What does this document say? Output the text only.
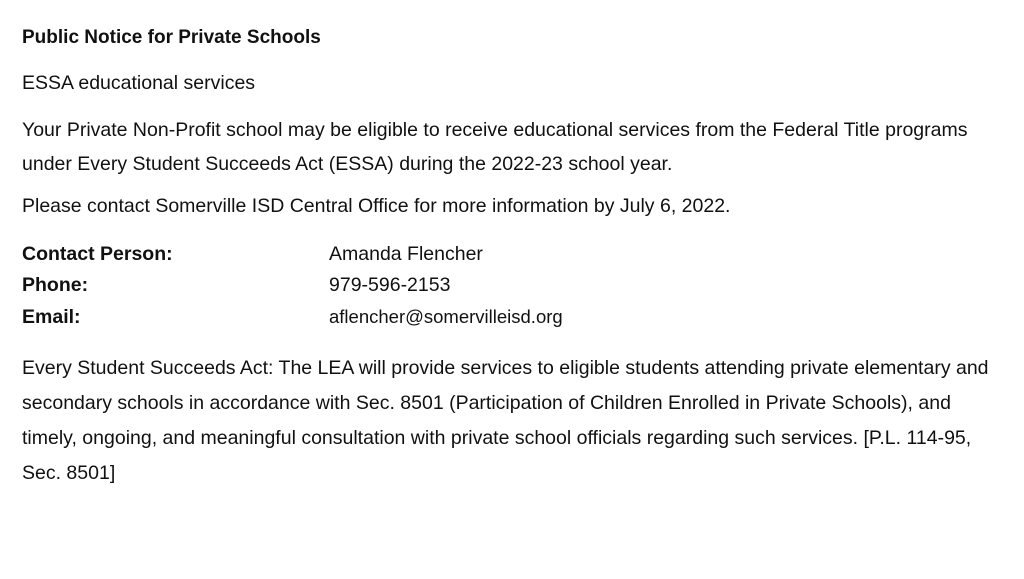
Public Notice for Private Schools
ESSA educational services
Your Private Non-Profit school may be eligible to receive educational services from the Federal Title programs under Every Student Succeeds Act (ESSA) during the 2022-23 school year.
Please contact Somerville ISD Central Office for more information by July 6, 2022.
Contact Person:	Amanda Flencher
Phone:	979-596-2153
Email:	aflencher@somervilleisd.org
Every Student Succeeds Act: The LEA will provide services to eligible students attending private elementary and secondary schools in accordance with Sec. 8501 (Participation of Children Enrolled in Private Schools), and timely, ongoing, and meaningful consultation with private school officials regarding such services. [P.L. 114-95, Sec. 8501]
